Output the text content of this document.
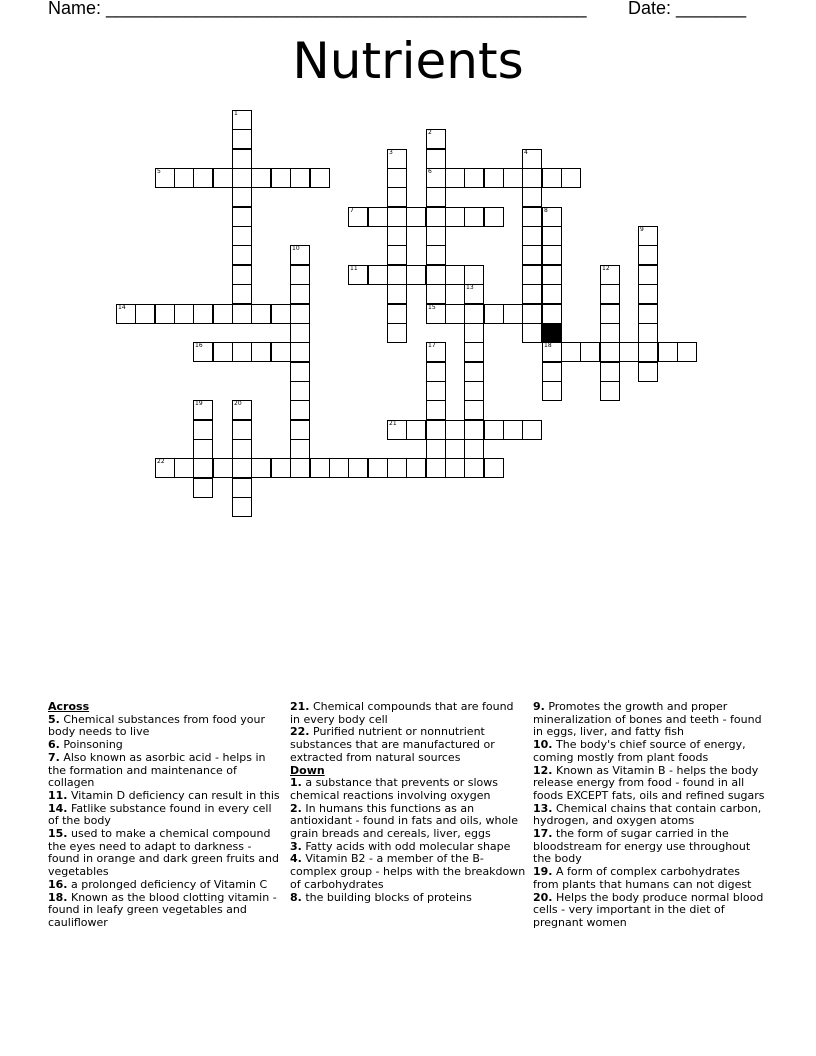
Name: ________________________________________________ Date: _______
Nutrients
1
2
6
3	4
5
7	8
18
9
10
11	12
13
14	15
16	17
19	20
21
22
Across
5. Chemical substances from food your body needs to live
6. Poinsoning
7. Also known as asorbic acid - helps in the formation and maintenance of collagen
11. Vitamin D deficiency can result in this
14. Fatlike substance found in every cell of the body
15. used to make a chemical compound the eyes need to adapt to darkness - found in orange and dark green fruits and vegetables
16. a prolonged deficiency of Vitamin C
18. Known as the blood clotting vitamin - found in leafy green vegetables and cauliflower
21. Chemical compounds that are found in every body cell
22. Purified nutrient or nonnutrient substances that are manufactured or extracted from natural sources
Down
1. a substance that prevents or slows chemical reactions involving oxygen
2. In humans this functions as an antioxidant - found in fats and oils, whole grain breads and cereals, liver, eggs
3. Fatty acids with odd molecular shape
4. Vitamin B2 - a member of the B-complex group - helps with the breakdown of carbohydrates
8. the building blocks of proteins
9. Promotes the growth and proper mineralization of bones and teeth - found in eggs, liver, and fatty fish
10. The body's chief source of energy, coming mostly from plant foods
12. Known as Vitamin B - helps the body release energy from food - found in all foods EXCEPT fats, oils and refined sugars
13. Chemical chains that contain carbon, hydrogen, and oxygen atoms
17. the form of sugar carried in the bloodstream for energy use throughout the body
19. A form of complex carbohydrates from plants that humans can not digest
20. Helps the body produce normal blood cells - very important in the diet of pregnant women
